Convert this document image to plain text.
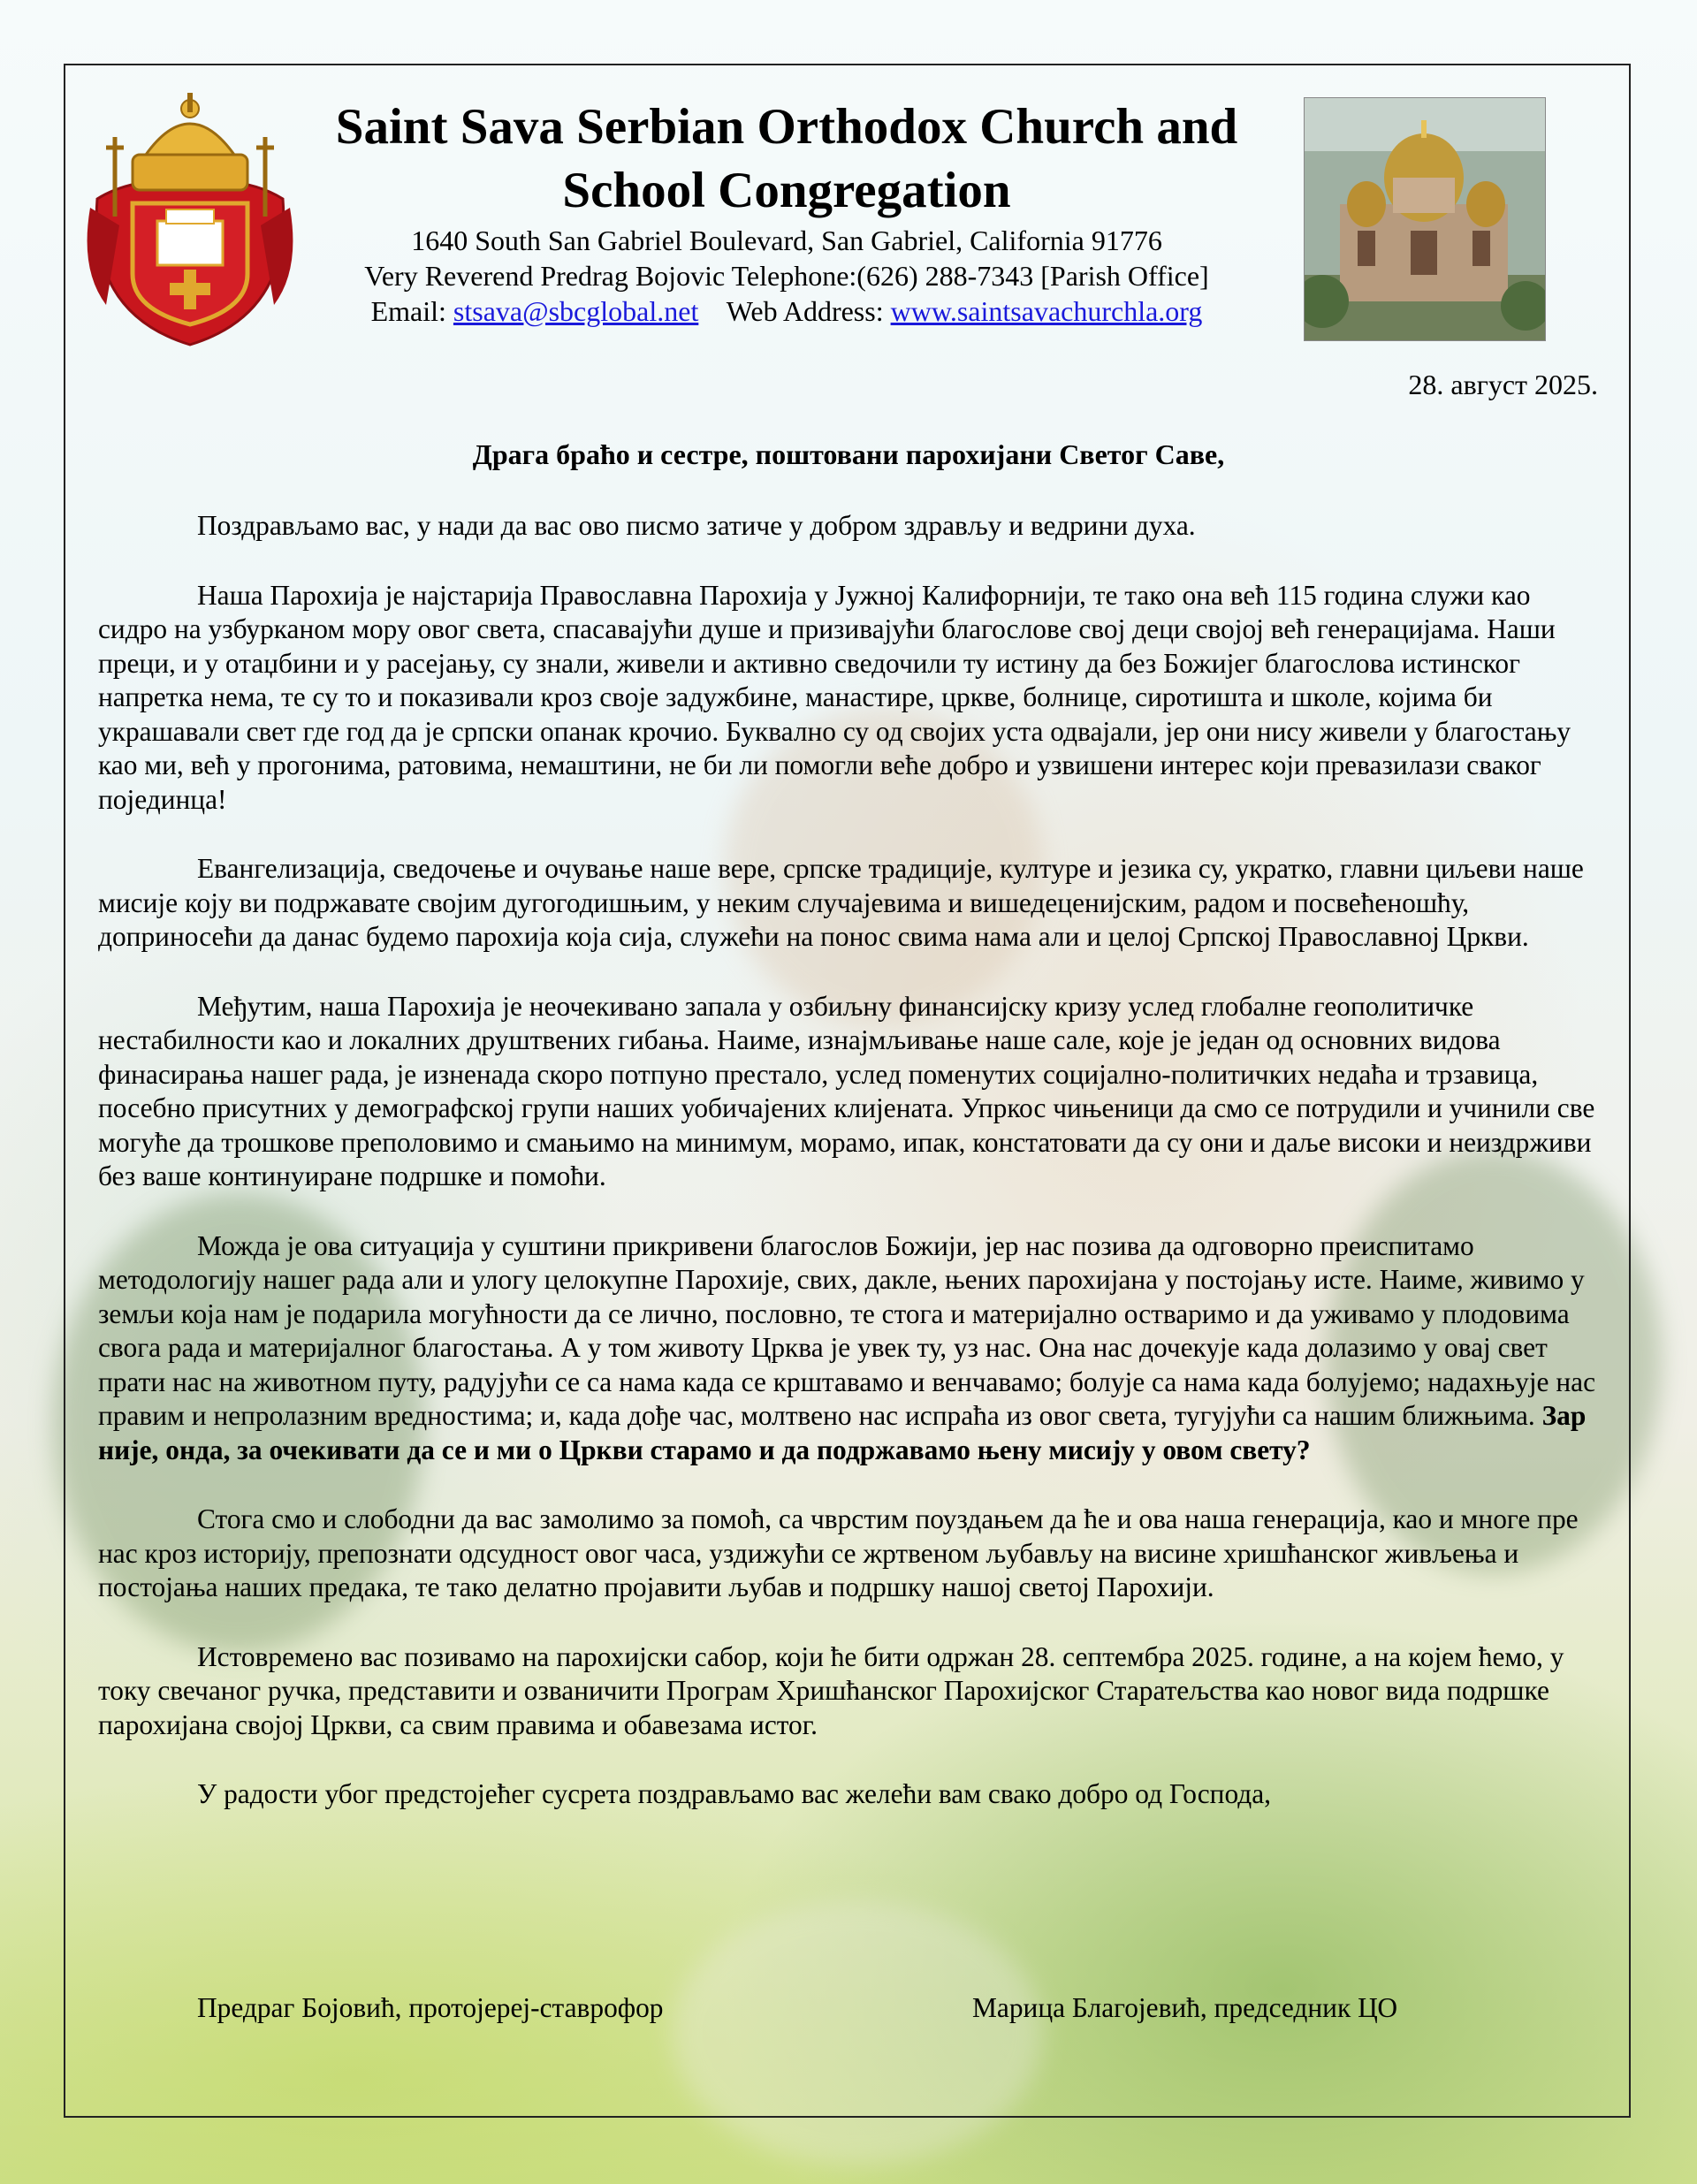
Saint Sava Serbian Orthodox Church and School Congregation
1640 South San Gabriel Boulevard, San Gabriel, California 91776
Very Reverend Predrag Bojovic Telephone:(626) 288-7343 [Parish Office]
Email: stsava@sbcglobal.net Web Address: www.saintsavachurchla.org
28. август 2025.
Драга браћо и сестре, поштовани парохијани Светог Саве,

Поздрављамо вас, у нади да вас ово писмо затиче у добром здрављу и ведрини духа.

Наша Парохија је најстарија Православна Парохија у Јужној Калифорнији, те тако она већ 115 година служи као сидро на узбурканом мору овог света, спасавајући душе и призивајући благослове свој деци својој већ генерацијама. Наши преци, и у отаџбини и у расејању, су знали, живели и активно сведочили ту истину да без Божијег благослова истинског напретка нема, те су то и показивали кроз своје задужбине, манастире, цркве, болнице, сиротишта и школе, којима би украшавали свет где год да је српски опанак крочио. Буквално су од својих уста одвајали, јер они нису живели у благостању као ми, већ у прогонима, ратовима, немаштини, не би ли помогли веће добро и узвишени интерес који превазилази сваког појединца!

Евангелизација, сведочење и очување наше вере, српске традиције, културе и језика су, укратко, главни циљеви наше мисије коју ви подржавате својим дугогодишњим, у неким случајевима и вишедеценијским, радом и посвећеношћу, доприносећи да данас будемо парохија која сија, служећи на понос свима нама али и целој Српској Православној Цркви.

Међутим, наша Парохија је неочекивано запала у озбиљну финансијску кризу услед глобалне геополитичке нестабилности као и локалних друштвених гибања. Наиме, изнајмљивање наше сале, које је један од основних видова финасирања нашег рада, је изненада скоро потпуно престало, услед поменутих социјално-политичких недаћа и трзавица, посебно присутних у демографској групи наших уобичајених клијената. Упркос чињеници да смо се потрудили и учинили све могуће да трошкове преполовимо и смањимо на минимум, морамо, ипак, констатовати да су они и даље високи и неиздрживи без ваше континуиране подршке и помоћи.

Можда је ова ситуација у суштини прикривени благослов Божији, јер нас позива да одговорно преиспитамо методологију нашег рада али и улогу целокупне Парохије, свих, дакле, њених парохијана у постојању исте. Наиме, живимо у земљи која нам је подарила могућности да се лично, пословно, те стога и материјално остваримо и да уживамо у плодовима свога рада и материјалног благостања. А у том животу Црква је увек ту, уз нас. Она нас дочекује када долазимо у овај свет прати нас на животном путу, радујући се са нама када се крштавамо и венчавамо; болује са нама када болујемо; надахњује нас правим и непролазним вредностима; и, када дође час, молтвено нас испраћа из овог света, тугујући са нашим ближњима. Зар није, онда, за очекивати да се и ми о Цркви старамо и да подржавамо њену мисију у овом свету?

Стога смо и слободни да вас замолимо за помоћ, са чврстим поуздањем да ће и ова наша генерација, као и многе пре нас кроз историју, препознати одсудност овог часа, уздижући се жртвеном љубављу на висине хришћанског живљења и постојања наших предака, те тако делатно пројавити љубав и подршку нашој светој Парохији.

Истовремено вас позивамо на парохијски сабор, који ће бити одржан 28. септембра 2025. године, а на којем ћемо, у току свечаног ручка, представити и озваничити Програм Хришћанског Парохијског Старатељства као новог вида подршке парохијана својој Цркви, са свим правима и обавезама истог.

У радости убог предстојећег сусрета поздрављамо вас желећи вам свако добро од Господа,

Предраг Бојовић, протојереј-ставрофор	Марица Благојевић, председник ЦО
